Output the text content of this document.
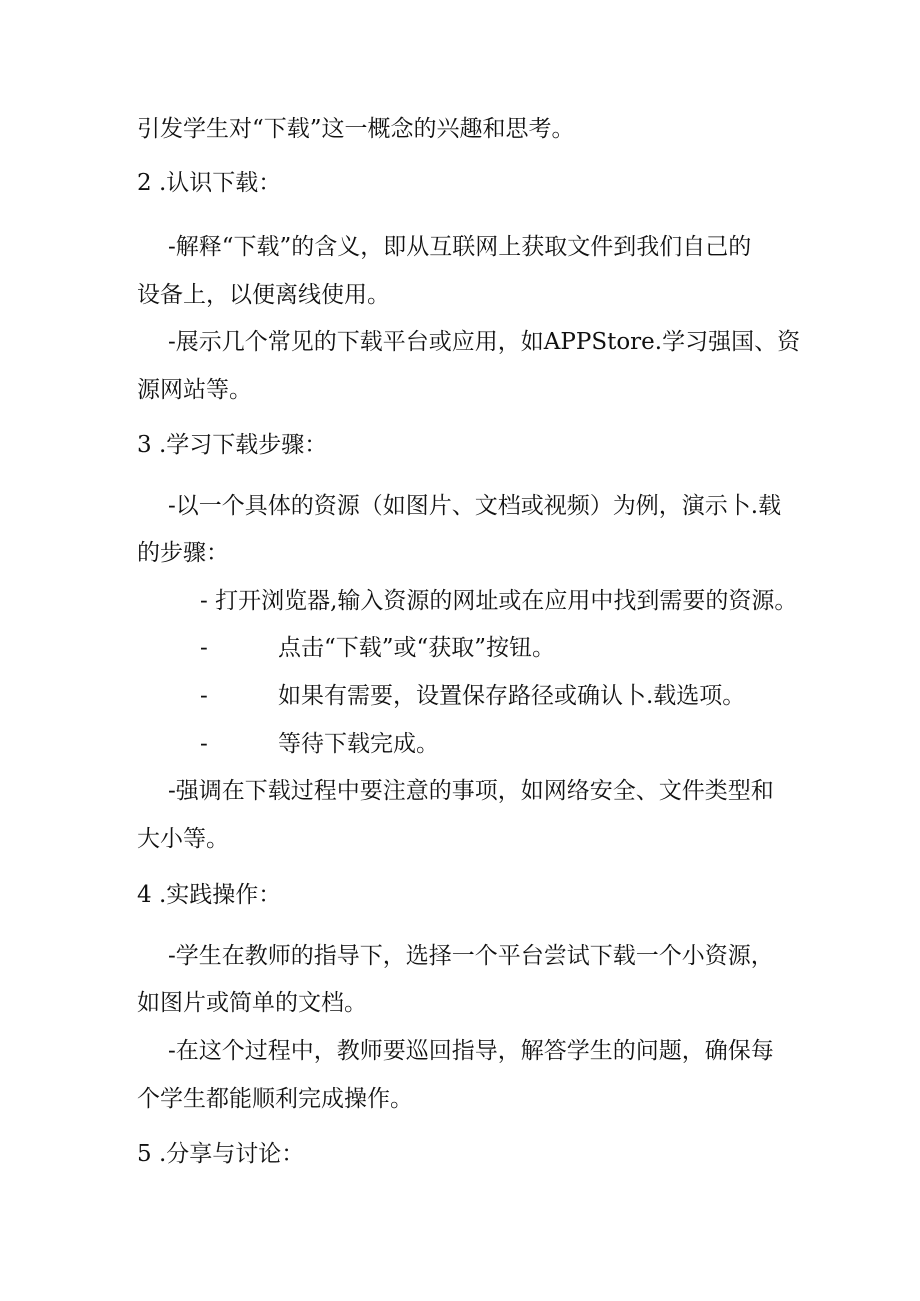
引发学生对“下载”这一概念的兴趣和思考。
2 .认识下载：
-解释“下载”的含义，即从互联网上获取文件到我们自己的
设备上，以便离线使用。
-展示几个常见的下载平台或应用，如APPStore.学习强国、资
源网站等。
3 .学习下载步骤：
-以一个具体的资源（如图片、文档或视频）为例，演示卜.载
的步骤：
- 打开浏览器,输入资源的网址或在应用中找到需要的资源。
-	点击“下载”或“获取”按钮。
-	如果有需要，设置保存路径或确认卜.载选项。
-	等待下载完成。
-强调在下载过程中要注意的事项，如网络安全、文件类型和
大小等。
4 .实践操作：
-学生在教师的指导下，选择一个平台尝试下载一个小资源，
如图片或简单的文档。
-在这个过程中，教师要巡回指导，解答学生的问题，确保每
个学生都能顺利完成操作。
5 .分享与讨论：
